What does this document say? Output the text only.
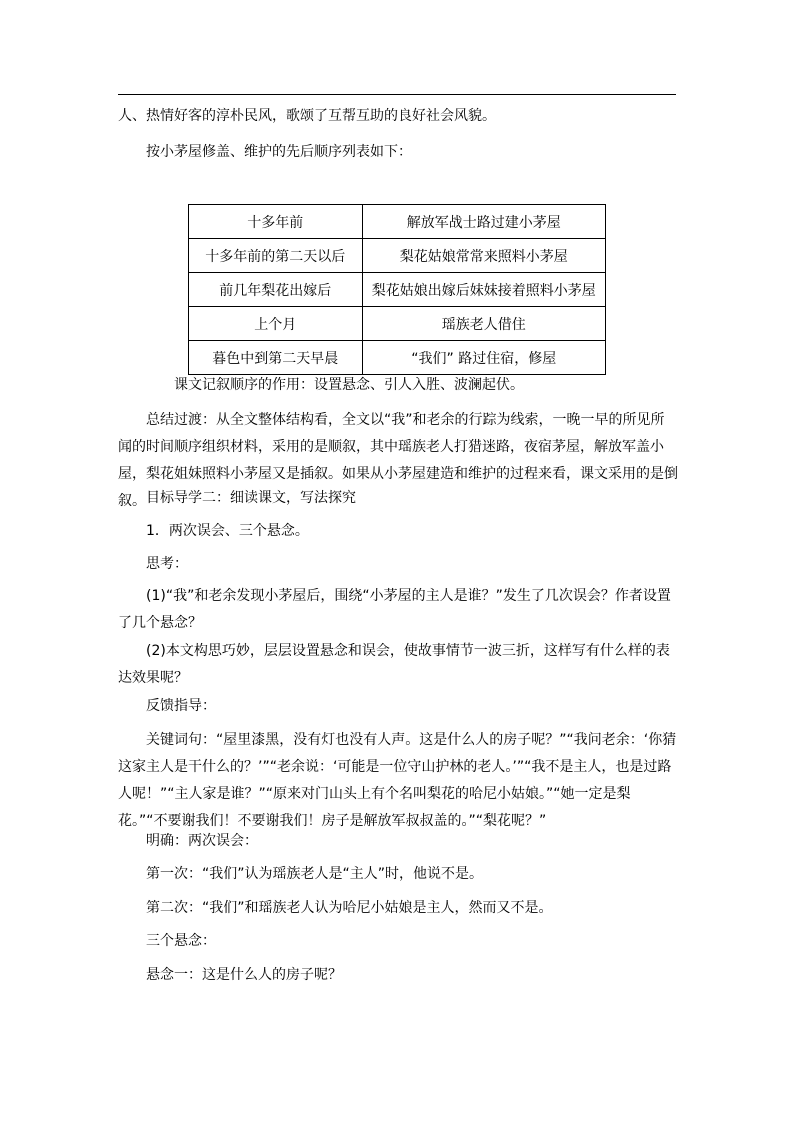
人、热情好客的淳朴民风，歌颂了互帮互助的良好社会风貌。

按小茅屋修盖、维护的先后顺序列表如下：

十多年前	解放军战士路过建小茅屋
十多年前的第二天以后	梨花姑娘常常来照料小茅屋
前几年梨花出嫁后	梨花姑娘出嫁后妹妹接着照料小茅屋
上个月	瑶族老人借住
暮色中到第二天早晨	“我们” 路过住宿，修屋

课文记叙顺序的作用：设置悬念、引人入胜、波澜起伏。

总结过渡：从全文整体结构看，全文以“我”和老余的行踪为线索，一晚一早的所见所闻的时间顺序组织材料，采用的是顺叙，其中瑶族老人打猎迷路，夜宿茅屋，解放军盖小屋，梨花姐妹照料小茅屋又是插叙。如果从小茅屋建造和维护的过程来看，课文采用的是倒叙。 目标导学二：细读课文，写法探究

1．两次误会、三个悬念。

思考：

(1)“我”和老余发现小茅屋后，围绕“小茅屋的主人是谁？”发生了几次误会？作者设置了几个悬念？

(2)本文构思巧妙，层层设置悬念和误会，使故事情节一波三折，这样写有什么样的表达效果呢？

反馈指导：

关键词句：“屋里漆黑，没有灯也没有人声。这是什么人的房子呢？”“我问老余：‘你猜这家主人是干什么的？’”“老余说：‘可能是一位守山护林的老人。’”“我不是主人，也是过路人呢！”“主人家是谁？”“原来对门山头上有个名叫梨花的哈尼小姑娘。”“她一定是梨花。”“不要谢我们！不要谢我们！房子是解放军叔叔盖的。”“梨花呢？”

明确：两次误会：

第一次：“我们”认为瑶族老人是“主人”时，他说不是。

第二次：“我们”和瑶族老人认为哈尼小姑娘是主人，然而又不是。

三个悬念：

悬念一：这是什么人的房子呢？
